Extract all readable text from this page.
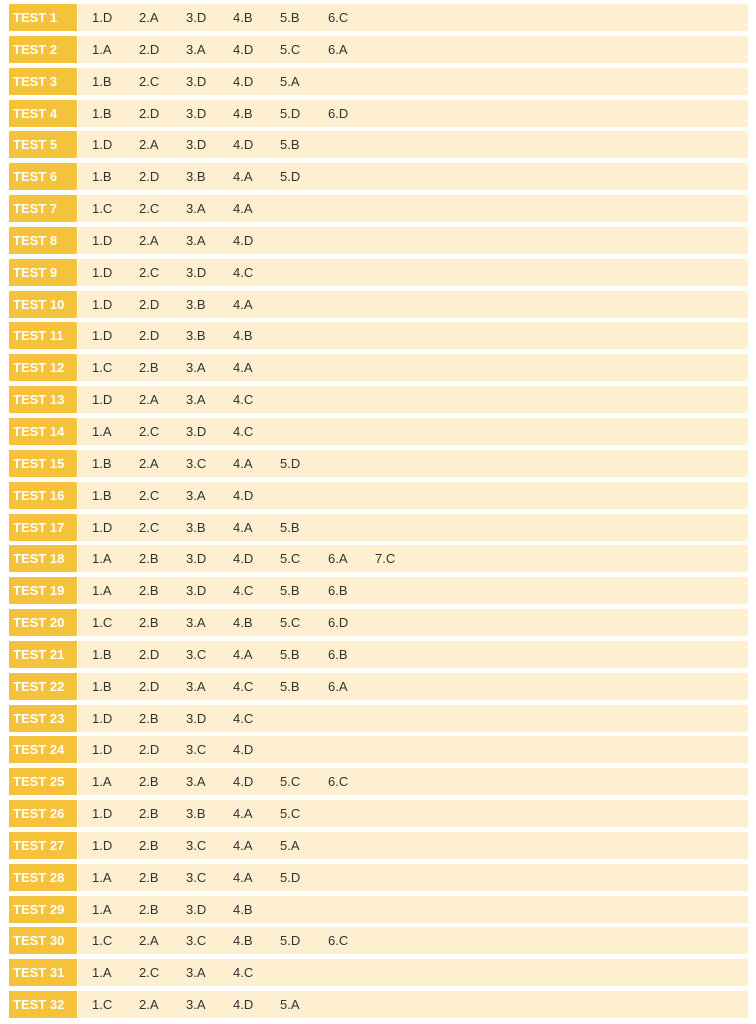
TEST 1	1.D 2.A 3.D 4.B 5.B 6.C
TEST 2	1.A 2.D 3.A 4.D 5.C 6.A
TEST 3	1.B 2.C 3.D 4.D 5.A
TEST 4	1.B 2.D 3.D 4.B 5.D 6.D
TEST 5	1.D 2.A 3.D 4.D 5.B
TEST 6	1.B 2.D 3.B 4.A 5.D
TEST 7	1.C 2.C 3.A 4.A
TEST 8	1.D 2.A 3.A 4.D
TEST 9	1.D 2.C 3.D 4.C
TEST 10	1.D 2.D 3.B 4.A
TEST 11	1.D 2.D 3.B 4.B
TEST 12	1.C 2.B 3.A 4.A
TEST 13	1.D 2.A 3.A 4.C
TEST 14	1.A 2.C 3.D 4.C
TEST 15	1.B 2.A 3.C 4.A 5.D
TEST 16	1.B 2.C 3.A 4.D
TEST 17	1.D 2.C 3.B 4.A 5.B
TEST 18	1.A 2.B 3.D 4.D 5.C 6.A 7.C
TEST 19	1.A 2.B 3.D 4.C 5.B 6.B
TEST 20	1.C 2.B 3.A 4.B 5.C 6.D
TEST 21	1.B 2.D 3.C 4.A 5.B 6.B
TEST 22	1.B 2.D 3.A 4.C 5.B 6.A
TEST 23	1.D 2.B 3.D 4.C
TEST 24	1.D 2.D 3.C 4.D
TEST 25	1.A 2.B 3.A 4.D 5.C 6.C
TEST 26	1.D 2.B 3.B 4.A 5.C
TEST 27	1.D 2.B 3.C 4.A 5.A
TEST 28	1.A 2.B 3.C 4.A 5.D
TEST 29	1.A 2.B 3.D 4.B
TEST 30	1.C 2.A 3.C 4.B 5.D 6.C
TEST 31	1.A 2.C 3.A 4.C
TEST 32	1.C 2.A 3.A 4.D 5.A
